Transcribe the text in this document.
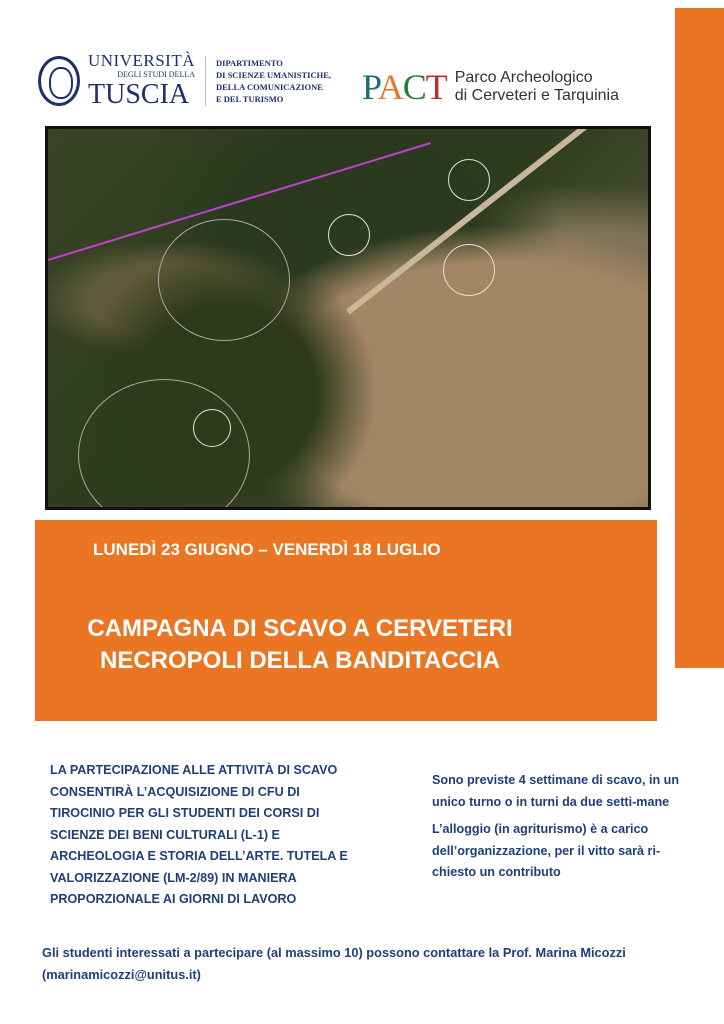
UNIVERSITÀ
DEGLI STUDI DELLA
TUSCIA
DIPARTIMENTO
DI SCIENZE UMANISTICHE,
DELLA COMUNICAZIONE
E DEL TURISMO	PACT Parco Archeologico
di Cerveteri e Tarquinia
LUNEDÌ 23 GIUGNO – VENERDÌ 18 LUGLIO
CAMPAGNA DI SCAVO A CERVETERI
NECROPOLI DELLA BANDITACCIA
LA PARTECIPAZIONE ALLE ATTIVITÀ DI SCAVO
CONSENTIRÀ L’ACQUISIZIONE DI CFU DI
TIROCINIO PER GLI STUDENTI DEI CORSI DI
SCIENZE DEI BENI CULTURALI (L-1) E
ARCHEOLOGIA E STORIA DELL’ARTE. TUTELA E
VALORIZZAZIONE (LM-2/89) IN MANIERA
PROPORZIONALE AI GIORNI DI LAVORO

Sono previste 4 settimane di scavo, in un unico turno o in turni da due setti-mane

L’alloggio (in agriturismo) è a carico dell’organizzazione, per il vitto sarà ri-chiesto un contributo

Gli studenti interessati a partecipare (al massimo 10) possono contattare la Prof. Marina Micozzi
(marinamicozzi@unitus.it)
